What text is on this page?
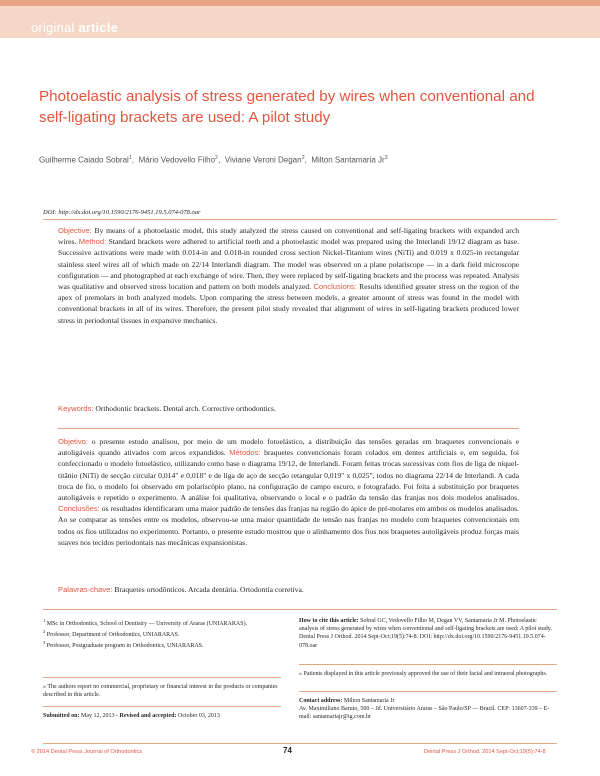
original article
Photoelastic analysis of stress generated by wires when conventional and self-ligating brackets are used: A pilot study
Guilherme Caiado Sobral$^1$,  Mário Vedovello Filho$^2$,  Viviane Veroni Degan$^2$,  Milton Santamaria Jr$^3$
DOI: http://dx.doi.org/10.1590/2176-9451.19.5.074-078.oar
Objective: By means of a photoelastic model, this study analyzed the stress caused on conventional and self-ligating brackets with expanded arch wires. Method: Standard brackets were adhered to artificial teeth and a photoelastic model was prepared using the Interlandi 19/12 diagram as base. Successive activations were made with 0.014-in and 0.018-in rounded cross section Nickel-Titanium wires (NiTi) and 0.019 x 0.025-in rectangular stainless steel wires all of which made on 22/14 Interlandi diagram. The model was observed on a plane polariscope — in a dark field microscope configuration — and photographed at each exchange of wire. Then, they were replaced by self-ligating brackets and the process was repeated. Analysis was qualitative and observed stress location and pattern on both models analyzed. Conclusions: Results identified greater stress on the region of the apex of premolars in both analyzed models. Upon comparing the stress between models, a greater amount of stress was found in the model with conventional brackets in all of its wires. Therefore, the present pilot study revealed that alignment of wires in self-ligating brackets produced lower stress in periodontal tissues in expansive mechanics.
Keywords: Orthodontic brackets. Dental arch. Corrective orthodontics.
Objetivo: o presente estudo analisou, por meio de um modelo fotoelástico, a distribuição das tensões geradas em braquetes convencionais e autoligáveis quando ativados com arcos expandidos. Métodos: braquetes convencionais foram colados em dentes artificiais e, em seguida, foi confeccionado o modelo fotoelástico, utilizando como base o diagrama 19/12, de Interlandi. Foram feitas trocas sucessivas com fios de liga de níquel-titânio (NiTi) de secção circular 0,014" e 0,018" e de liga de aço de secção retangular 0,019" x 0,025", todos no diagrama 22/14 de Interlandi. A cada troca de fio, o modelo foi observado em polariscópio plano, na configuração de campo escuro, e fotografado. Foi feita a substituição por braquetes autoligáveis e repetido o experimento. A análise foi qualitativa, observando o local e o padrão da tensão das franjas nos dois modelos analisados. Conclusões: os resultados identificaram uma maior padrão de tensões das franjas na região do ápice de pré-molares em ambos os modelos analisados. Ao se comparar as tensões entre os modelos, observou-se uma maior quantidade de tensão nas franjas no modelo com braquetes convencionais em todos os fios utilizados no experimento. Portanto, o presente estudo mostrou que o alinhamento dos fios nos braquetes autoligáveis produz forças mais suaves nos tecidos periodontais nas mecânicas expansionistas.
Palavras-chave: Braquetes ortodônticos. Arcada dentária. Ortodontia corretiva.
$^1$ MSc in Orthodontics, School of Dentistry — University of Araras (UNIARARAS).
$^2$ Professor, Department of Orthodontics, UNIARARAS.
$^3$ Professor, Postgraduate program in Orthodontics, UNIARARAS.
» The authors report no commercial, proprietary or financial interest in the products or companies described in this article.
Submitted on: May 12, 2013 - Revised and accepted: October 03, 2013
How to cite this article: Sobral GC, Vedovello Filho M, Degan VV, Santamaria Jr M. Photoelastic analysis of stress generated by wires when conventional and self-ligating brackets are used: A pilot study. Dental Press J Orthod. 2014 Sept-Oct;19(5):74-8. DOI: http://dx.doi.org/10.1590/2176-9451.19.5.074-078.oar
» Patients displayed in this article previously approved the use of their facial and intraoral photographs.
Contact address: Milton Santamaria Jr
Av. Maximiliano Baruto, 500 – Jd. Universitário Araras – São Paulo/SP — Brazil. CEP: 13607-339 – E-mail: santamariajr@ig.com.br
© 2014 Dental Press Journal of Orthodontics	74	Dental Press J Orthod. 2014 Sept-Oct;19(5):74-8
